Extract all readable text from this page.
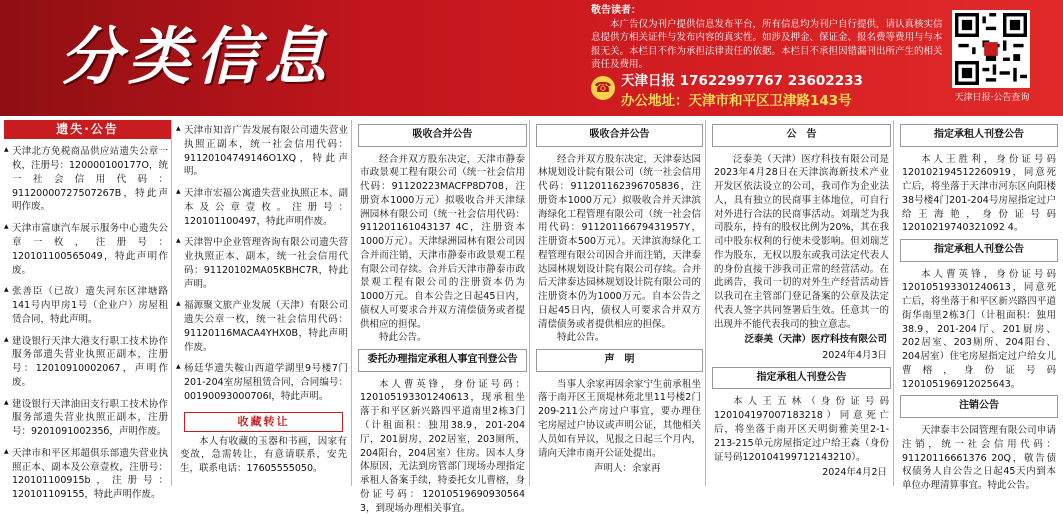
分类信息
敬告读者：
本广告仅为刊户提供信息发布平台，所有信息均为刊户自行提供，请认真核实信息提供方相关证件与发布内容的真实性。如涉及押金、保证金、报名费等费用与与本报无关。本栏目不作为承担法律责任的依据。本栏目不承担因错漏刊出所产生的相关责任及费用。
☎ 天津日报 17622997767 23602233
办公地址：天津市和平区卫津路143号	天津日报·公告查询
遗失·公告
▲ 天津北方免税商品供应站遗失公章一枚，注册号：120000100177O，统一社会信用代码：91120000727507267B，特此声明作废。
▲ 天津市富康汽车展示服务中心遗失公章一枚，注册号：120101100565049，特此声明作废。
▲ 张善臣（已故）遗失河东区津塘路141号内甲房1号（企业户）房屋租赁合同，特此声明。
▲ 建设银行天津大港支行职工技术协作服务部遗失营业执照正副本，注册号：12010910002067，声明作废。
▲ 建设银行天津油田支行职工技术协作服务部遗失营业执照正副本，注册号：920109100235б，声明作废。
▲ 天津市和平区邦超俱乐部遗失营业执照正本、副本及公章壹枚，注册号：120101100915b，注册号：120101109155，特此声明作废。
▲ 天津市知音广告发展有限公司遗失营业执照正副本，统一社会信用代码：91120104749146O1XQ，特此声明。
▲ 天津市宏福公寓遗失营业执照正本、副本及公章壹枚。注册号：120101100497，特此声明作废。
▲ 天津智中企业管理咨询有限公司遗失营业执照正本、副本，统一社会信用代码：91120102MA05KBHC7R，特此声明。
▲ 福源聚文旅产业发展（天津）有限公司遗失公章一枚，统一社会信用代码：91120116MACA4YHX0B，特此声明作废。
▲ 杨廷华遗失鞍山西道学湖里9号楼7门201-204室房屋租赁合同，合同编号：00190093000706I，特此声明。
收藏转让
本人有收藏的玉器和书画，因家有变故，急需转让，有意请联系，安先生，联系电话：17605555050。
吸收合并公告
经合并双方股东决定，天津市静泰市政景观工程有限公司（统一社会信用代码：91120223MACFP8D708，注册资本1000万元）拟吸收合并天津绿洲园林有限公司（统一社会信用代码：911201161043137 4C，注册资本1000万元）。天津绿洲园林有限公司因合并而注销，天津市静泰市政景观工程有限公司存续。合并后天津市静泰市政景观工程有限公司的注册资本仍为1000万元。自本公告之日起45日内，债权人可要求合并双方清偿债务或者提供相应的担保。
特此公告。
委托办理指定承租人事宜刊登公告
本人曹英锋，身份证号码：120105193301240613，现承租坐落于和平区新兴路四平道南里2栋3门（计租面积：独用38.9，201-204厅，201厨房，202居室，203厕所，204阳台，204居室）住房。因本人身体原因，无法到房管部门现场办理指定承租人备案手续，特委托女儿曹榕，身份证号码：12010519690930564 3，到现场办理相关事宜。
吸收合并公告
经合并双方股东决定，天津泰达园林规划设计院有限公司（统一社会信用代码：911201162396705836，注册资本1000万元）拟吸收合并天津滨海绿化工程管理有限公司（统一社会信用代码：91120116679431957Y，注册资本500万元）。天津滨海绿化工程管理有限公司因合并而注销，天津泰达园林规划设计院有限公司存续。合并后天津泰达园林规划设计院有限公司的注册资本仍为1000万元。自本公告之日起45日内，债权人可要求合并双方清偿债务或者提供相应的担保。
特此公告。
声　明
当事人余家再因余家宁生前承租坐落于南开区王顶堤林苑北里11号楼2门209-211公产房过户事宜，要办理住宅房屋过户协议或声明公证，其他相关人员如有异议，见报之日起三个月内，请向天津市南开公证处提出。
声明人：余家再
公　告
泛泰美（天津）医疗科技有限公司是2023年4月28日在天津滨海新技术产业开发区依法设立的公司，我司作为企业法人，具有独立的民商事主体地位，可自行对外进行合法的民商事活动。刘瑞芝为我司股东，持有的股权比例为20%，其在我司中股东权利的行使未受影响。但刘瑞芝作为股东，无权以股东或我司法定代表人的身份直接干涉我司正常的经营活动。在此函告，我司一切的对外生产经营活动皆以我司在主管部门登记备案的公章及法定代表人签字共同签署后生效。任意其一的出现并不能代表我司的独立意志。
泛泰美（天津）医疗科技有限公司
2024年4月3日
指定承租人刊登公告
本人王五林（身份证号码120104197007183218）同意死亡后，将坐落于南开区天明街雅美里2-1-213-215单元房屋指定过户给王森（身份证号码120104199712143210）。
2024年4月2日
指定承租人刊登公告
本人王胜利，身份证号码120102194512260919，同意死亡后，将坐落于天津市河东区向阳楼38号楼4门201-204号房屋指定过户给王海艳，身份证号码12010219740321092 4。
指定承租人刊登公告
本人曹英锋，身份证号码120105193301240613，同意死亡后，将坐落于和平区新兴路四平道街华南里2栋3门（计租面积：独用38.9，201-204厅、201厨房、202居室、203厕所、204阳台、204居室）住宅房屋指定过户给女儿曹榕，身份证号码120105196912025643。
注销公告
天津泰丰公园管理有限公司申请注销，统一社会信用代码：91120116661376 20Q，敬告债权债务人自公告之日起45天内到本单位办理清算事宜。特此公告。
